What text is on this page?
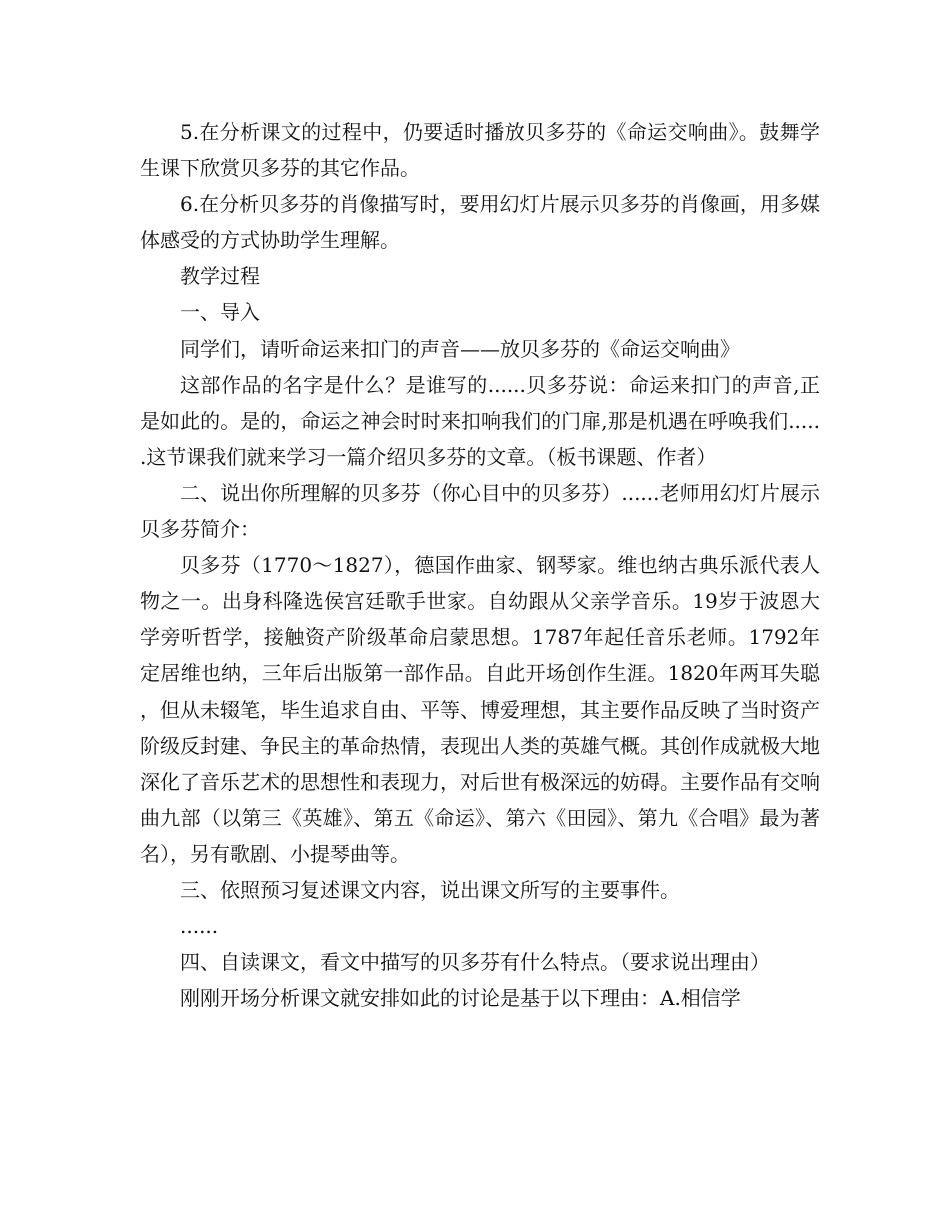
5.在分析课文的过程中，仍要适时播放贝多芬的《命运交响曲》。鼓舞学生课下欣赏贝多芬的其它作品。

6.在分析贝多芬的肖像描写时，要用幻灯片展示贝多芬的肖像画，用多媒体感受的方式协助学生理解。

教学过程

一、导入

同学们，请听命运来扣门的声音——放贝多芬的《命运交响曲》

这部作品的名字是什么？是谁写的......贝多芬说：命运来扣门的声音,正是如此的。是的，命运之神会时时来扣响我们的门扉,那是机遇在呼唤我们......这节课我们就来学习一篇介绍贝多芬的文章。（板书课题、作者）

二、说出你所理解的贝多芬（你心目中的贝多芬）......老师用幻灯片展示贝多芬简介：

贝多芬（1770～1827），德国作曲家、钢琴家。维也纳古典乐派代表人物之一。出身科隆选侯宫廷歌手世家。自幼跟从父亲学音乐。19岁于波恩大学旁听哲学，接触资产阶级革命启蒙思想。1787年起任音乐老师。1792年定居维也纳，三年后出版第一部作品。自此开场创作生涯。1820年两耳失聪，但从未辍笔，毕生追求自由、平等、博爱理想，其主要作品反映了当时资产阶级反封建、争民主的革命热情，表现出人类的英雄气概。其创作成就极大地深化了音乐艺术的思想性和表现力，对后世有极深远的妨碍。主要作品有交响曲九部（以第三《英雄》、第五《命运》、第六《田园》、第九《合唱》最为著名），另有歌剧、小提琴曲等。

三、依照预习复述课文内容，说出课文所写的主要事件。

......

四、自读课文，看文中描写的贝多芬有什么特点。（要求说出理由）

刚刚开场分析课文就安排如此的讨论是基于以下理由：A.相信学
